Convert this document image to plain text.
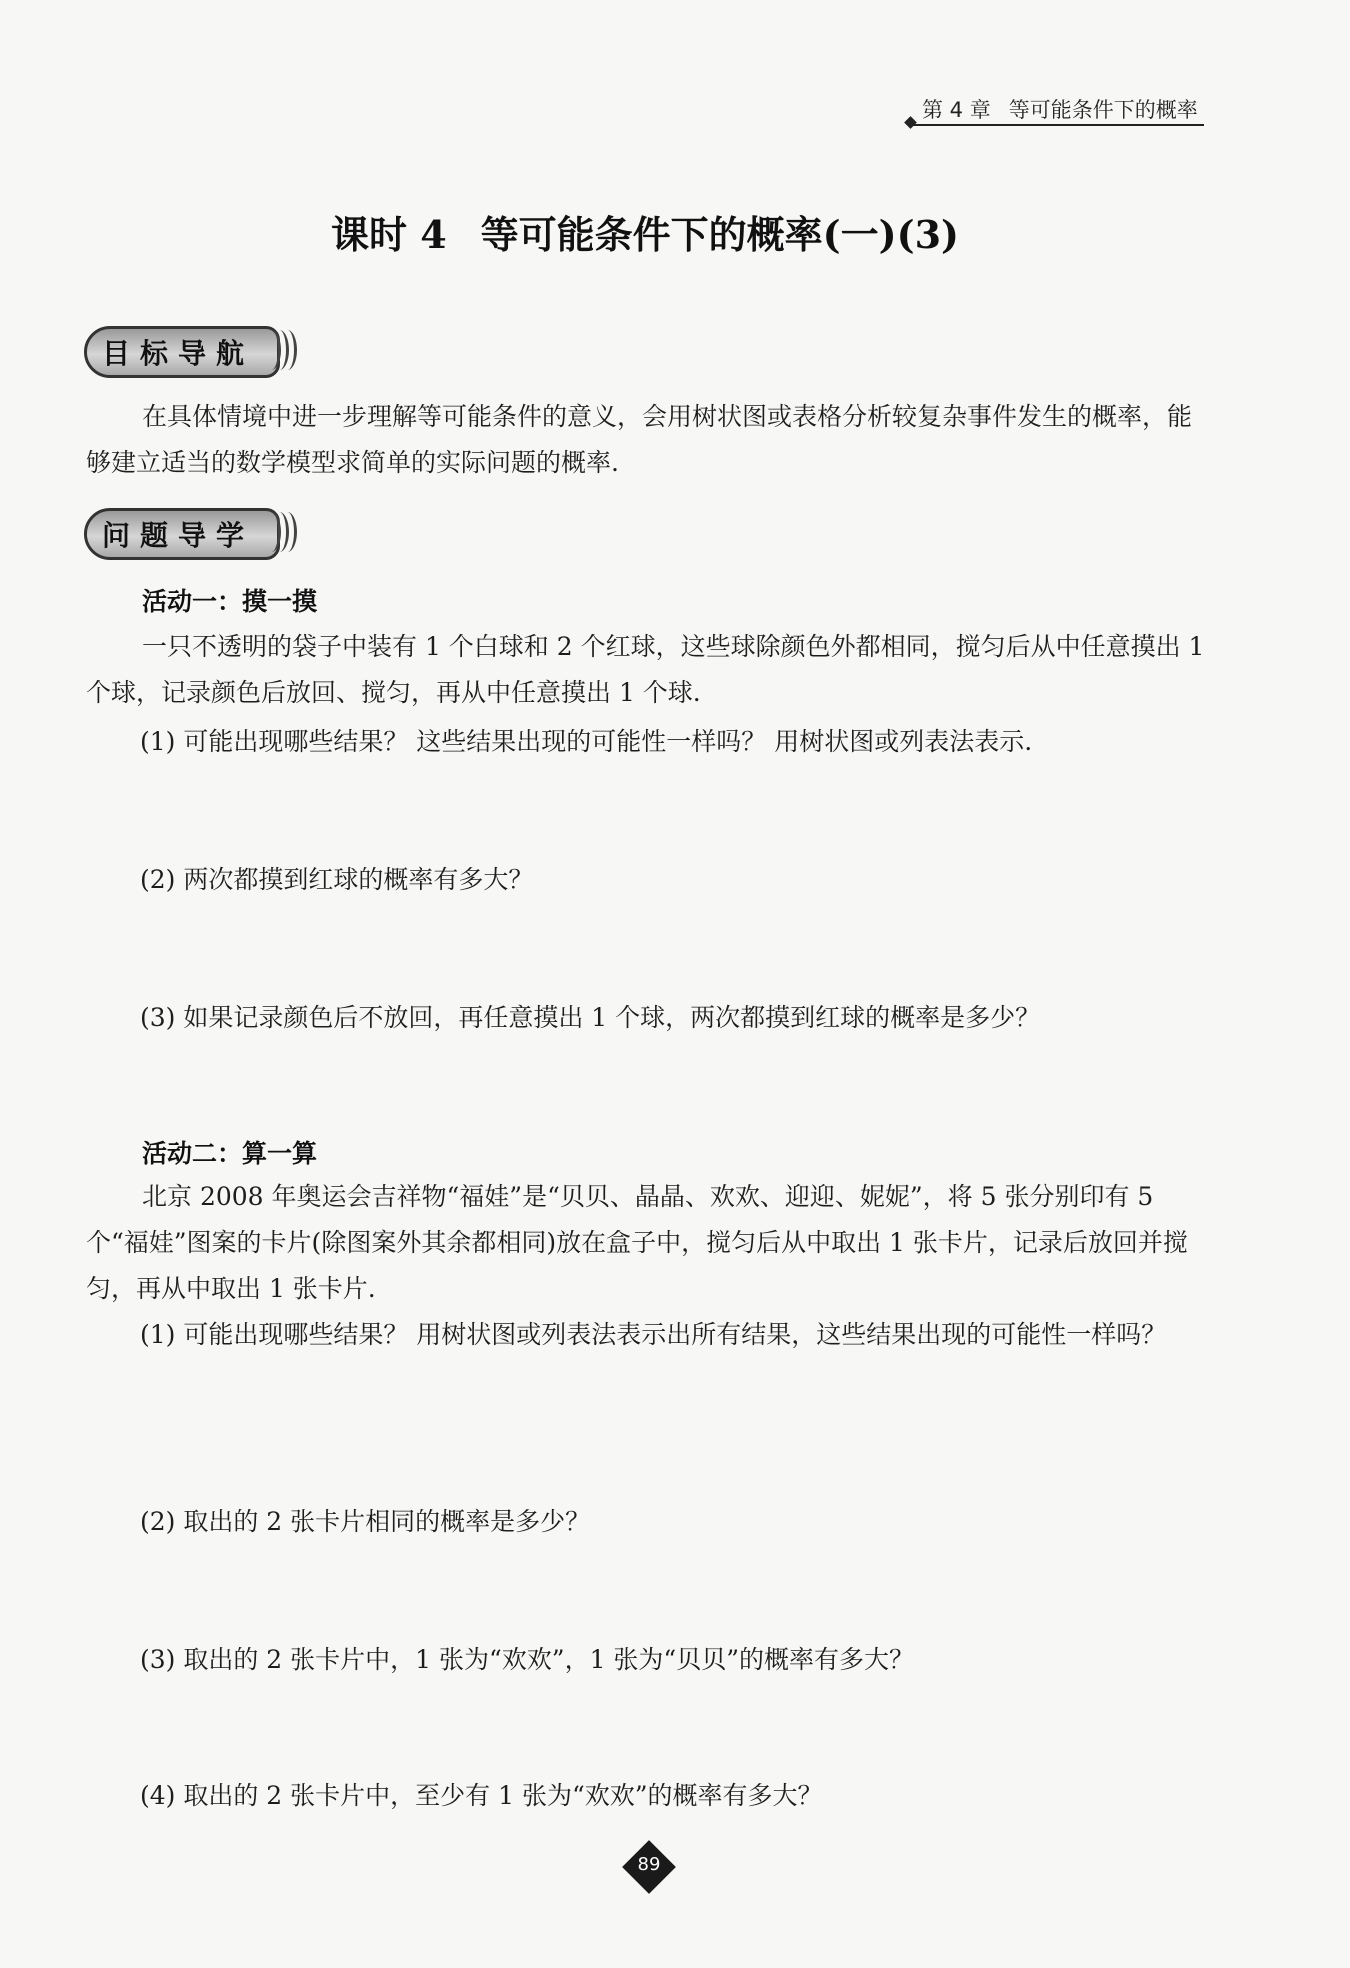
第 4 章 等可能条件下的概率
课时 4 等可能条件下的概率(一)(3)
目标导航
在具体情境中进一步理解等可能条件的意义，会用树状图或表格分析较复杂事件发生的概率，能够建立适当的数学模型求简单的实际问题的概率.
问题导学
活动一：摸一摸
一只不透明的袋子中装有 1 个白球和 2 个红球，这些球除颜色外都相同，搅匀后从中任意摸出 1 个球，记录颜色后放回、搅匀，再从中任意摸出 1 个球.
(1) 可能出现哪些结果？ 这些结果出现的可能性一样吗？ 用树状图或列表法表示.
(2) 两次都摸到红球的概率有多大？
(3) 如果记录颜色后不放回，再任意摸出 1 个球，两次都摸到红球的概率是多少？
活动二：算一算
北京 2008 年奥运会吉祥物“福娃”是“贝贝、晶晶、欢欢、迎迎、妮妮”，将 5 张分别印有 5 个“福娃”图案的卡片(除图案外其余都相同)放在盒子中，搅匀后从中取出 1 张卡片，记录后放回并搅匀，再从中取出 1 张卡片.
(1) 可能出现哪些结果？ 用树状图或列表法表示出所有结果，这些结果出现的可能性一样吗？
(2) 取出的 2 张卡片相同的概率是多少？
(3) 取出的 2 张卡片中，1 张为“欢欢”，1 张为“贝贝”的概率有多大？
(4) 取出的 2 张卡片中，至少有 1 张为“欢欢”的概率有多大？
89
